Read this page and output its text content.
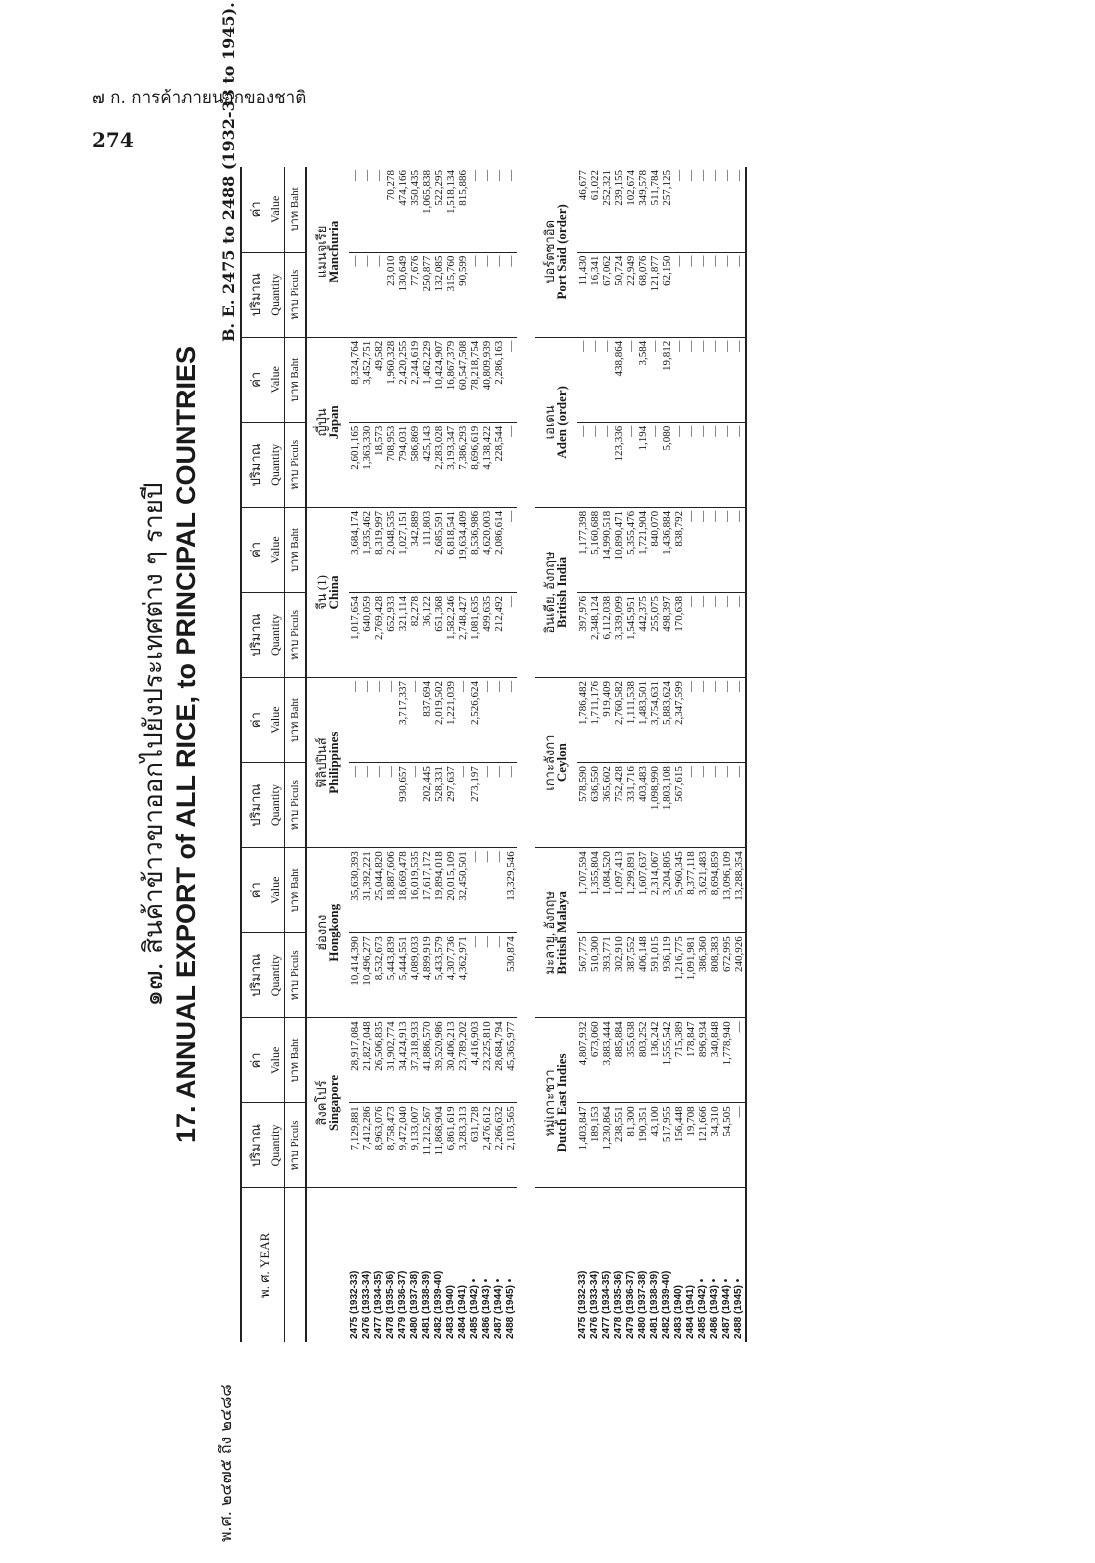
๗ ก. การค้าภายนอกของชาติ
274
พ.ศ. ๒๔๗๕ ถึง ๒๔๘๘
๑๗. สินค้าข้าวขาออกไปยังประเทศต่าง ๆ รายปี 17. ANNUAL EXPORT of ALL RICE, to PRINCIPAL COUNTRIES
B. E. 2475 to 2488 (1932-33 to 1945).
พ. ศ. YEAR	ปริมาณ	ค่า	ปริมาณ	ค่า	ปริมาณ	ค่า	ปริมาณ	ค่า	ปริมาณ	ค่า	ปริมาณ	ค่า
	Quantity	Value	Quantity	Value	Quantity	Value	Quantity	Value	Quantity	Value	Quantity	Value
	หาบ Piculs	บาท Baht	หาบ Piculs	บาท Baht	หาบ Piculs	บาท Baht	หาบ Piculs	บาท Baht	หาบ Piculs	บาท Baht	หาบ Piculs	บาท Baht

	สิงคโปร์
Singapore		ฮ่องกง
Hongkong		ฟิลิปปินส์
Philippines		จีน (1)
China		ญี่ปุ่น
Japan		แมนจูเรีย
Manchuria	

2475 (1932-33)	7,129,881	28,917,084	10,414,390	35,630,393	—	—	1,017,654	3,684,174	2,601,165	8,324,764	—	—
2476 (1933-34)	7,412,286	21,827,048	10,496,277	31,392,221	—	—	640,059	1,935,462	1,363,330	3,452,751	—	—
2477 (1934-35)	8,963,076	26,506,835	8,532,673	25,044,820	—	—	2,769,428	8,319,997	18,573	49,582	—	—
2478 (1935-36)	8,758,473	31,902,774	5,443,839	18,887,606	—	—	652,933	2,048,535	708,953	1,960,328	23,010	70,278
2479 (1936-37)	9,472,040	34,424,913	5,444,551	18,669,478	930,657	3,717,337	321,114	1,027,151	794,031	2,420,255	130,649	474,166
2480 (1937-38)	9,133,007	37,318,933	4,089,033	16,019,535	—	—	82,278	342,889	586,869	2,244,619	77,676	350,435
2481 (1938-39)	11,212,567	41,886,570	4,899,919	17,617,172	202,445	837,694	36,122	111,803	425,143	1,462,229	250,877	1,065,838
2482 (1939-40)	11,868,904	39,520,986	5,433,579	19,894,018	528,331	2,019,502	651,368	2,685,591	2,283,028	10,424,907	132,085	522,295
2483 (1940)	6,861,619	30,406,213	4,307,736	20,015,109	297,637	1,221,039	1,582,246	6,818,541	3,193,347	16,867,379	315,760	1,518,134
2484 (1941)	3,283,313	23,789,202	4,362,971	32,450,501	—	—	2,748,427	19,634,409	7,386,293	60,547,508	90,599	815,886
2485 (1942) •	631,728	4,416,903	—	—	273,197	2,526,624	1,081,635	8,536,986	8,696,619	78,218,754	—	—
2486 (1943) •	2,476,612	23,225,810	—	—	—	—	499,635	4,620,003	4,138,422	40,809,939	—	—
2487 (1944) •	2,266,632	28,684,794	—	—	—	—	212,492	2,086,614	228,544	2,286,163	—	—
2488 (1945) •	2,103,565	45,365,977	530,874	13,329,546	—	—	—	—	—	—	—	—

	หมู่เกาะชวา
Dutch East Indies		มะลายู, อังกฤษ
British Malaya		เกาะลังกา
Ceylon		อินเดีย, อังกฤษ
British India		เอเดน
Aden (order)		ปอร์ตซาอิด
Port Said (order)	

2475 (1932-33)	1,403,847	4,807,932	567,775	1,707,594	578,590	1,786,482	397,976	1,177,398	—	—	11,430	46,677
2476 (1933-34)	189,153	673,060	510,300	1,355,804	636,550	1,711,176	2,348,124	5,160,688	—	—	16,341	61,022
2477 (1934-35)	1,230,864	3,883,444	393,771	1,084,520	365,602	919,409	6,112,038	14,990,518	—	—	67,062	252,321
2478 (1935-36)	238,551	885,884	302,910	1,097,413	752,428	2,760,582	3,339,099	10,890,471	123,336	438,864	50,724	239,155
2479 (1936-37)	81,300	355,638	387,552	1,299,891	331,716	1,111,538	1,545,951	5,355,476	—	—	22,949	102,674
2480 (1937-38)	190,351	803,252	406,148	1,607,637	403,483	1,483,501	442,375	1,721,904	1,194	3,584	68,076	349,578
2481 (1938-39)	43,100	136,242	591,015	2,314,067	1,098,990	3,754,631	255,075	840,070	—	—	121,877	511,784
2482 (1939-40)	517,955	1,555,542	936,119	3,204,805	1,803,108	5,883,624	498,397	1,436,884	5,080	19,812	62,150	257,125
2483 (1940)	156,448	715,389	1,216,775	5,960,345	567,615	2,347,599	170,638	838,792	—	—	—	—
2484 (1941)	19,708	178,847	1,091,981	8,377,118	—	—	—	—	—	—	—	—
2485 (1942) •	121,666	896,934	386,360	3,621,483	—	—	—	—	—	—	—	—
2486 (1943) •	34,310	340,848	808,383	8,694,859	—	—	—	—	—	—	—	—
2487 (1944) •	54,505	1,778,940	672,995	13,096,109	—	—	—	—	—	—	—	—
2488 (1945) •	—	—	240,926	13,288,354	—	—	—	—	—	—	—	—
